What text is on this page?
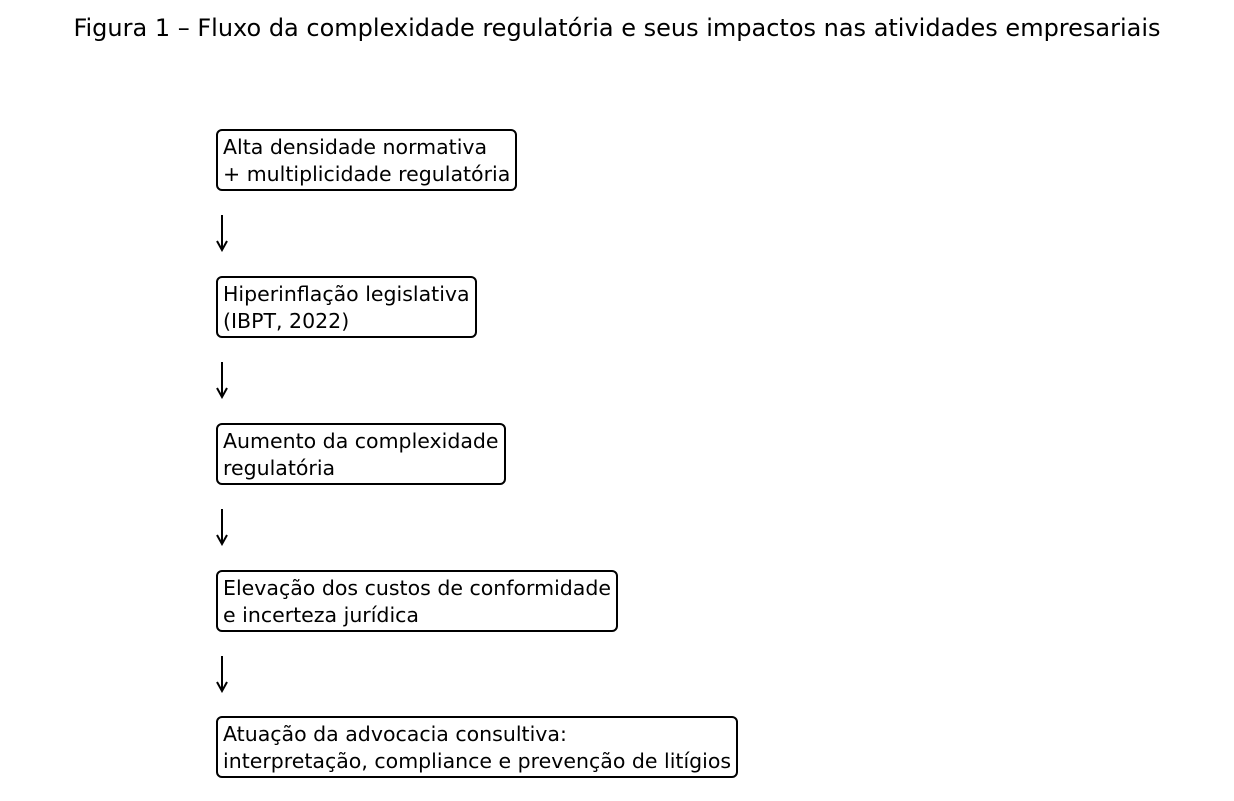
Figura 1 – Fluxo da complexidade regulatória e seus impactos nas atividades empresariais
Alta densidade normativa
+ multiplicidade regulatória
Hiperinflação legislativa
(IBPT, 2022)
Aumento da complexidade
regulatória
Elevação dos custos de conformidade
e incerteza jurídica
Atuação da advocacia consultiva:
interpretação, compliance e prevenção de litígios
